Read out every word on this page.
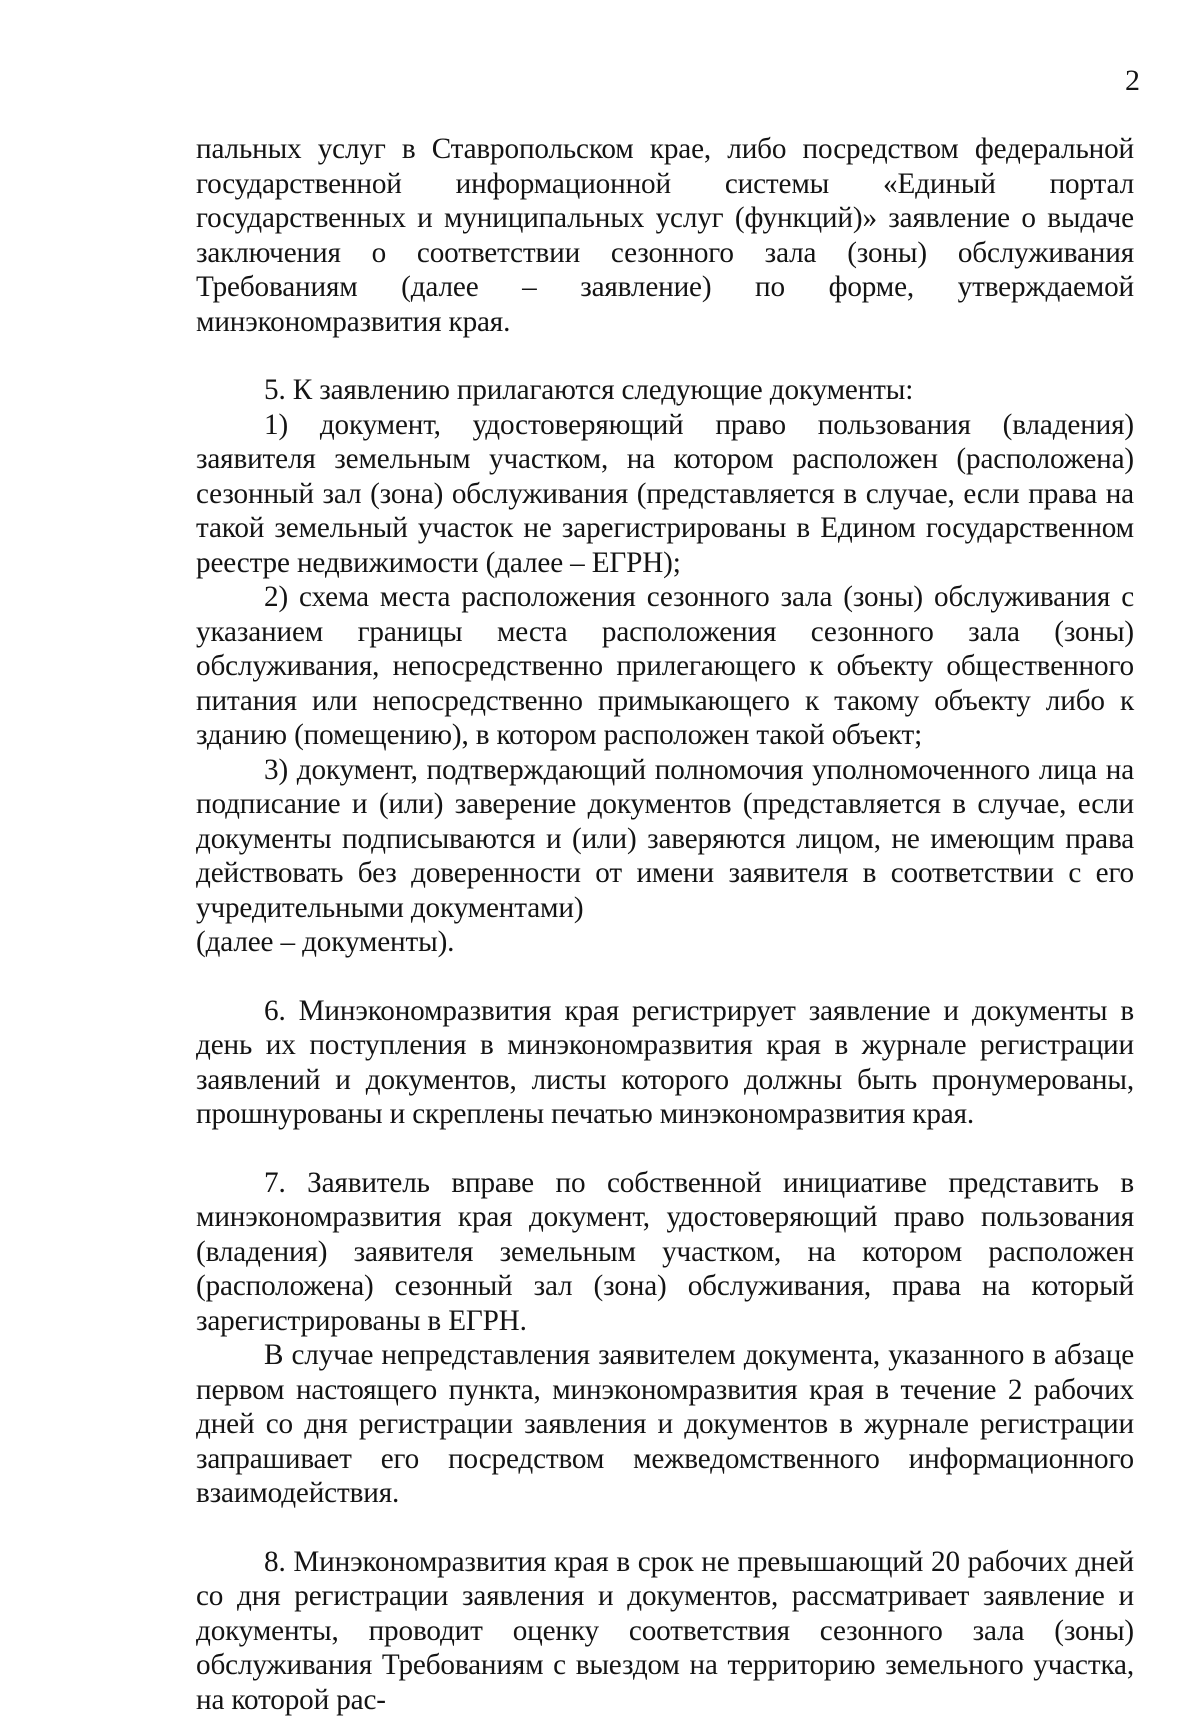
2

пальных услуг в Ставропольском крае, либо посредством федеральной государственной информационной системы «Единый портал государственных и муниципальных услуг (функций)» заявление о выдаче заключения о соответствии сезонного зала (зоны) обслуживания Требованиям (далее – заявление) по форме, утверждаемой минэкономразвития края.

5. К заявлению прилагаются следующие документы:

1) документ, удостоверяющий право пользования (владения) заявителя земельным участком, на котором расположен (расположена) сезонный зал (зона) обслуживания (представляется в случае, если права на такой земельный участок не зарегистрированы в Едином государственном реестре недвижимости (далее – ЕГРН);

2) схема места расположения сезонного зала (зоны) обслуживания с указанием границы места расположения сезонного зала (зоны) обслуживания, непосредственно прилегающего к объекту общественного питания или непосредственно примыкающего к такому объекту либо к зданию (помещению), в котором расположен такой объект;

3) документ, подтверждающий полномочия уполномоченного лица на подписание и (или) заверение документов (представляется в случае, если документы подписываются и (или) заверяются лицом, не имеющим права действовать без доверенности от имени заявителя в соответствии с его учредительными документами)

(далее – документы).

6. Минэкономразвития края регистрирует заявление и документы в день их поступления в минэкономразвития края в журнале регистрации заявлений и документов, листы которого должны быть пронумерованы, прошнурованы и скреплены печатью минэкономразвития края.

7. Заявитель вправе по собственной инициативе представить в минэкономразвития края документ, удостоверяющий право пользования (владения) заявителя земельным участком, на котором расположен (расположена) сезонный зал (зона) обслуживания, права на который зарегистрированы в ЕГРН.

В случае непредставления заявителем документа, указанного в абзаце первом настоящего пункта, минэкономразвития края в течение 2 рабочих дней со дня регистрации заявления и документов в журнале регистрации запрашивает его посредством межведомственного информационного взаимодействия.

8. Минэкономразвития края в срок не превышающий 20 рабочих дней со дня регистрации заявления и документов, рассматривает заявление и документы, проводит оценку соответствия сезонного зала (зоны) обслуживания Требованиям с выездом на территорию земельного участка, на которой рас-
